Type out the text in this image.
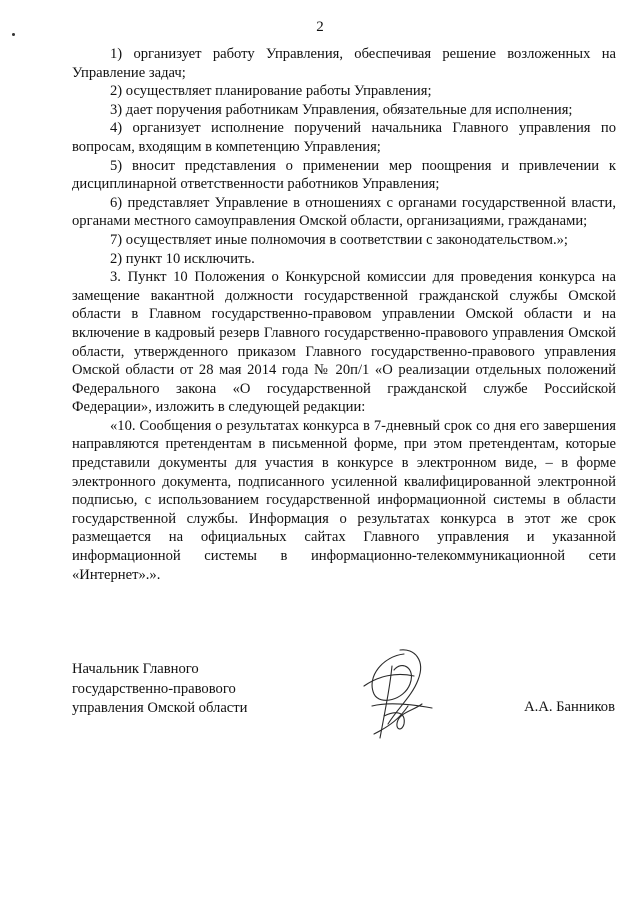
2

1) организует работу Управления, обеспечивая решение возложенных на Управление задач;

2) осуществляет планирование работы Управления;

3) дает поручения работникам Управления, обязательные для исполнения;

4) организует исполнение поручений начальника Главного управления по вопросам, входящим в компетенцию Управления;

5) вносит представления о применении мер поощрения и привлечении к дисциплинарной ответственности работников Управления;

6) представляет Управление в отношениях с органами государственной власти, органами местного самоуправления Омской области, организациями, гражданами;

7) осуществляет иные полномочия в соответствии с законодательством.»;

2) пункт 10 исключить.

3. Пункт 10 Положения о Конкурсной комиссии для проведения конкурса на замещение вакантной должности государственной гражданской службы Омской области в Главном государственно-правовом управлении Омской области и на включение в кадровый резерв Главного государственно-правового управления Омской области, утвержденного приказом Главного государственно-правового управления Омской области от 28 мая 2014 года № 20п/1 «О реализации отдельных положений Федерального закона «О государственной гражданской службе Российской Федерации», изложить в следующей редакции:

«10. Сообщения о результатах конкурса в 7-дневный срок со дня его завершения направляются претендентам в письменной форме, при этом претендентам, которые представили документы для участия в конкурсе в электронном виде, – в форме электронного документа, подписанного усиленной квалифицированной электронной подписью, с использованием государственной информационной системы в области государственной службы. Информация о результатах конкурса в этот же срок размещается на официальных сайтах Главного управления и указанной информационной системы в информационно-телекоммуникационной сети «Интернет».».

Начальник Главного
государственно-правового
управления Омской области	А.А. Банников
